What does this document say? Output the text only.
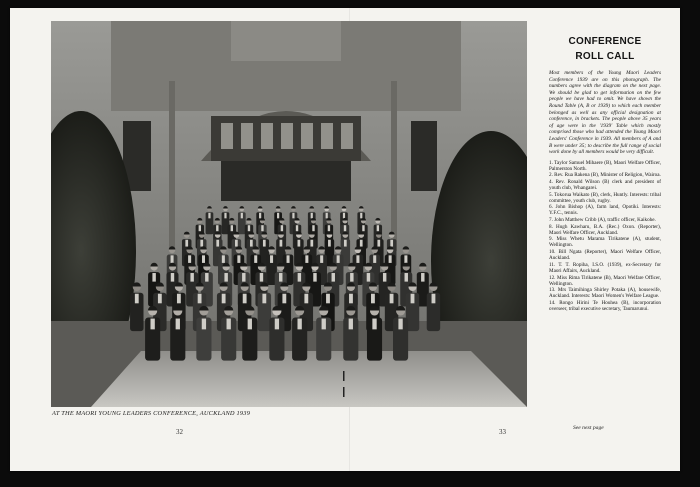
AT THE MAORI YOUNG LEADERS CONFERENCE, AUCKLAND 1939
32	33
CONFERENCE
ROLL CALL
Most members of the Young Maori Leaders Conference 1939 are on this photograph. The numbers agree with the diagram on the next page. We should be glad to get information on the few people we have had to omit. We have shown the Round Table (A, B or 1939) to which each member belonged as well as any official designation at conference, in brackets. The people above 35 years of age were in the '1939' Table which mostly comprised those who had attended the Young Maori Leaders' Conference in 1939. All members of A and B were under 35; to describe the full range of social work done by all members would be very difficult.
1. Taylor Samuel Mihaere (B), Maori Welfare Officer, Palmerston North.
2. Rev. Rua Rakena (B), Minister of Religion, Wairoa.
4. Rev. Ronald Wilson (B) clerk and president of youth club, Whangarei.
5. Tokorua Waikato (B), clerk, Huntly. Interests: tribal committee, youth club, rugby.
6. John Bishop (A), farm land, Opotiki. Interests: Y.F.C., tennis.
7. John Matthew Cribb (A), traffic officer, Kaikohe.
8. Hugh Kawharu, B.A. (Rec.) Oxon. (Reporter), Maori Welfare Officer, Auckland.
9. Miss Whetu Marama Tirikatene (A), student, Wellington.
10. Bill Ngata (Reporter), Maori Welfare Officer, Auckland.
11. T. T. Ropiha, I.S.O. (1939), ex-Secretary for Maori Affairs, Auckland.
12. Miss Rima Tirikatene (B), Maori Welfare Officer, Wellington.
13. Mrs Taimihinga Shirley Potaka (A), housewife, Auckland. Interests: Maori Women's Welfare League.
14. Rongo Hirini Te Houhea (B), incorporation overseer, tribal executive secretary, Taumarunui.
See next page
